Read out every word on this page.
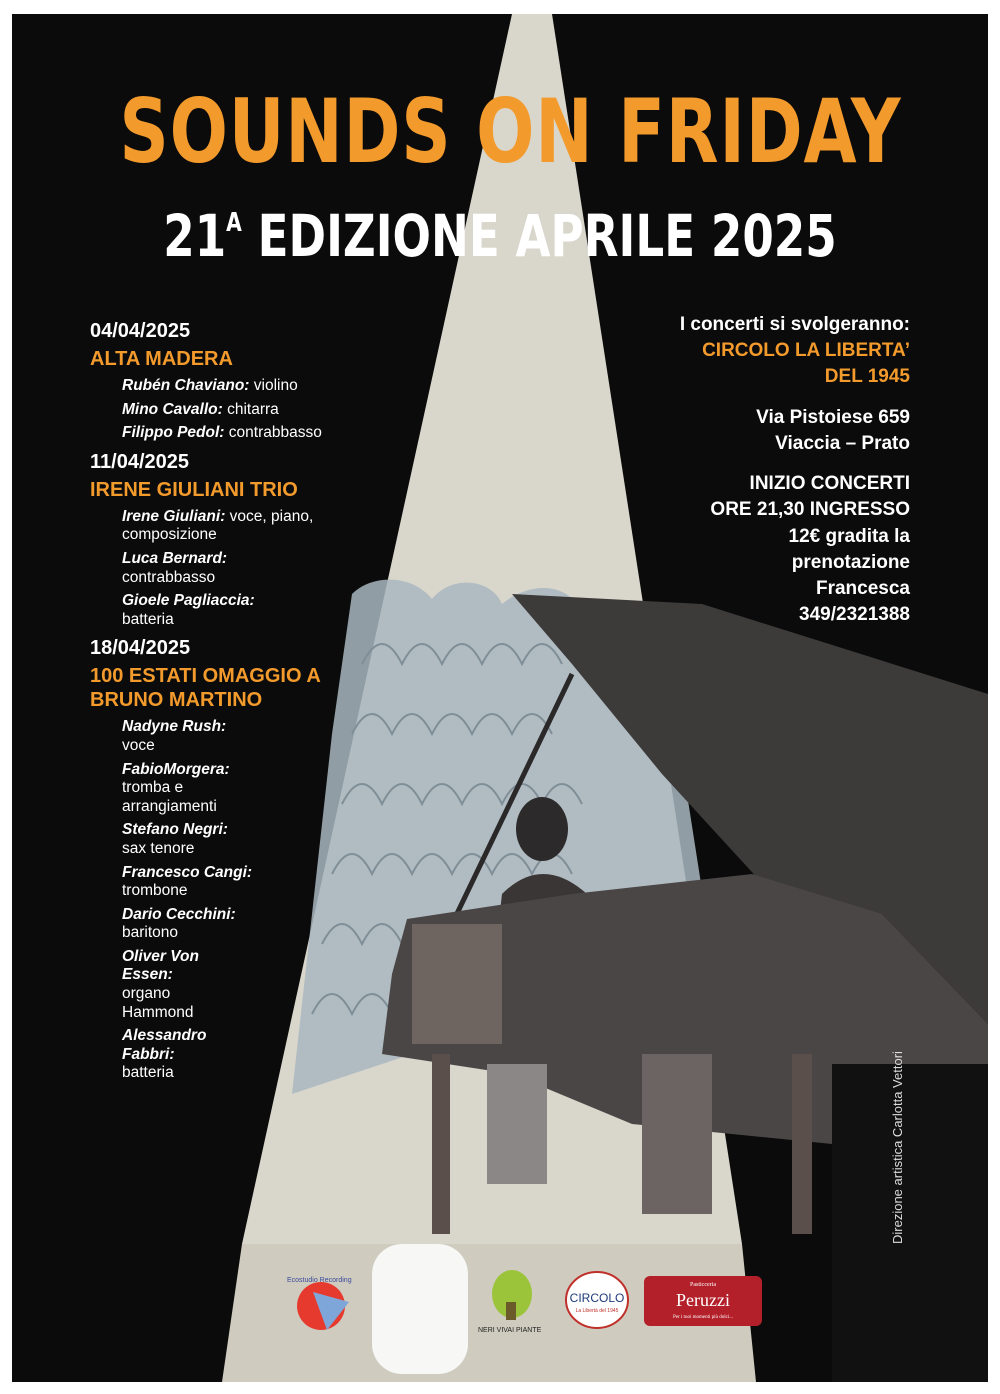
SOUNDS ON FRIDAY
$21^A$ EDIZIONE APRILE 2025
04/04/2025
ALTA MADERA
Rubén Chaviano: violino
Mino Cavallo: chitarra
Filippo Pedol: contrabbasso
11/04/2025
IRENE GIULIANI TRIO
Irene Giuliani: voce, piano, composizione
Luca Bernard:
contrabbasso
Gioele Pagliaccia:
batteria
18/04/2025
100 ESTATI OMAGGIO A BRUNO MARTINO
Nadyne Rush:
voce
FabioMorgera:
tromba e arrangiamenti
Stefano Negri:
sax tenore
Francesco Cangi:
trombone
Dario Cecchini:
baritono
Oliver Von Essen:
organo Hammond
Alessandro Fabbri:
batteria
I concerti si svolgeranno:
CIRCOLO LA LIBERTA’
DEL 1945
Via Pistoiese 659
Viaccia – Prato
INIZIO CONCERTI
ORE 21,30 INGRESSO
12€ gradita la
prenotazione
Francesca
349/2321388
Direzione artistica Carlotta Vettori
Ecostudio Recording
NERI VIVAI PIANTE
CIRCOLO
La Libertà del 1945
Pasticceria
Peruzzi
Per i tuoi momenti più dolci...
